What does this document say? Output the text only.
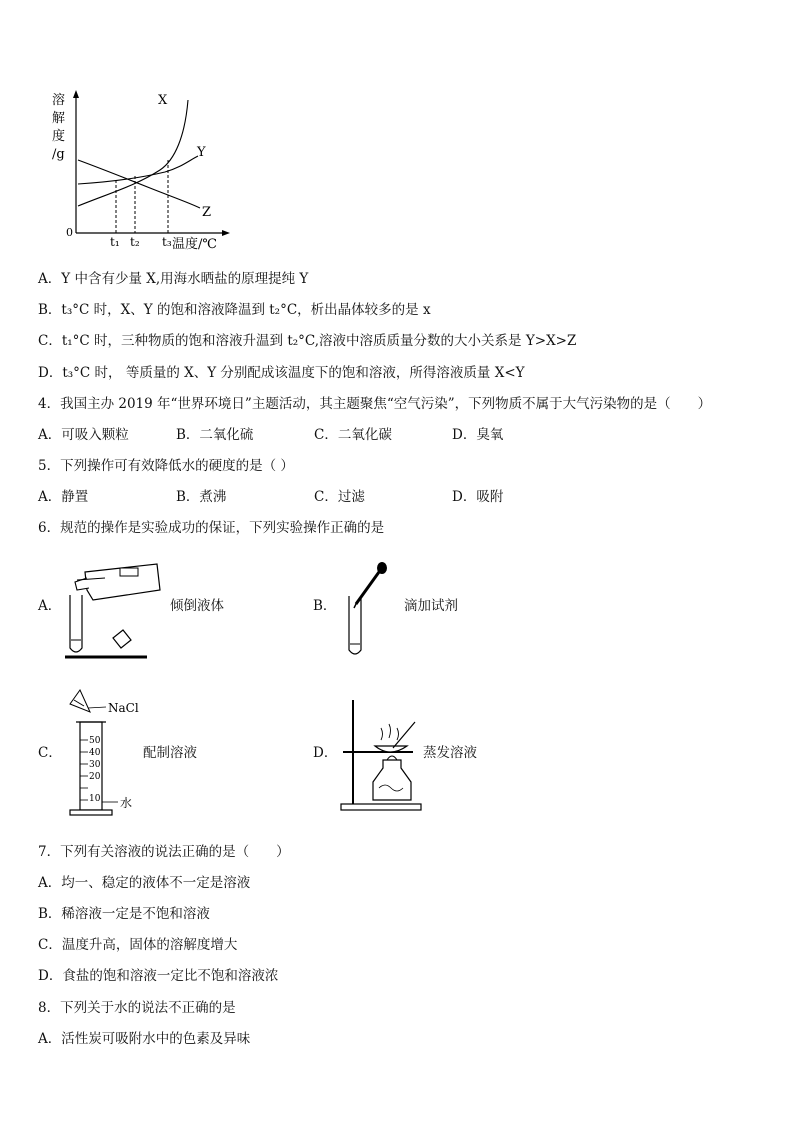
溶
解
度
/g
0
温度/℃
X
Y
Z
t₁ t₂ t₃
A．Y 中含有少量 X,用海水晒盐的原理提纯 Y
B．t₃°C 时，X、Y 的饱和溶液降温到 t₂°C，析出晶体较多的是 x
C．t₁°C 时，三种物质的饱和溶液升温到 t₂°C,溶液中溶质质量分数的大小关系是 Y>X>Z
D．t₃°C 时， 等质量的 X、Y 分别配成该温度下的饱和溶液，所得溶液质量 X<Y
4．我国主办 2019 年“世界环境日”主题活动，其主题聚焦“空气污染”，下列物质不属于大气污染物的是（　　）
A．可吸入颗粒	B．二氧化硫	C．二氧化碳	D．臭氧
5．下列操作可有效降低水的硬度的是（ ）
A．静置	B．煮沸	C．过滤	D．吸附
6．规范的操作是实验成功的保证，下列实验操作正确的是
A．	倾倒液体	B．	滴加试剂
C．
NaCl
50
40
30
20
10 水
配制溶液	D．	蒸发溶液
7．下列有关溶液的说法正确的是（　　）
A．均一、稳定的液体不一定是溶液
B．稀溶液一定是不饱和溶液
C．温度升高，固体的溶解度增大
D．食盐的饱和溶液一定比不饱和溶液浓
8．下列关于水的说法不正确的是
A．活性炭可吸附水中的色素及异味
